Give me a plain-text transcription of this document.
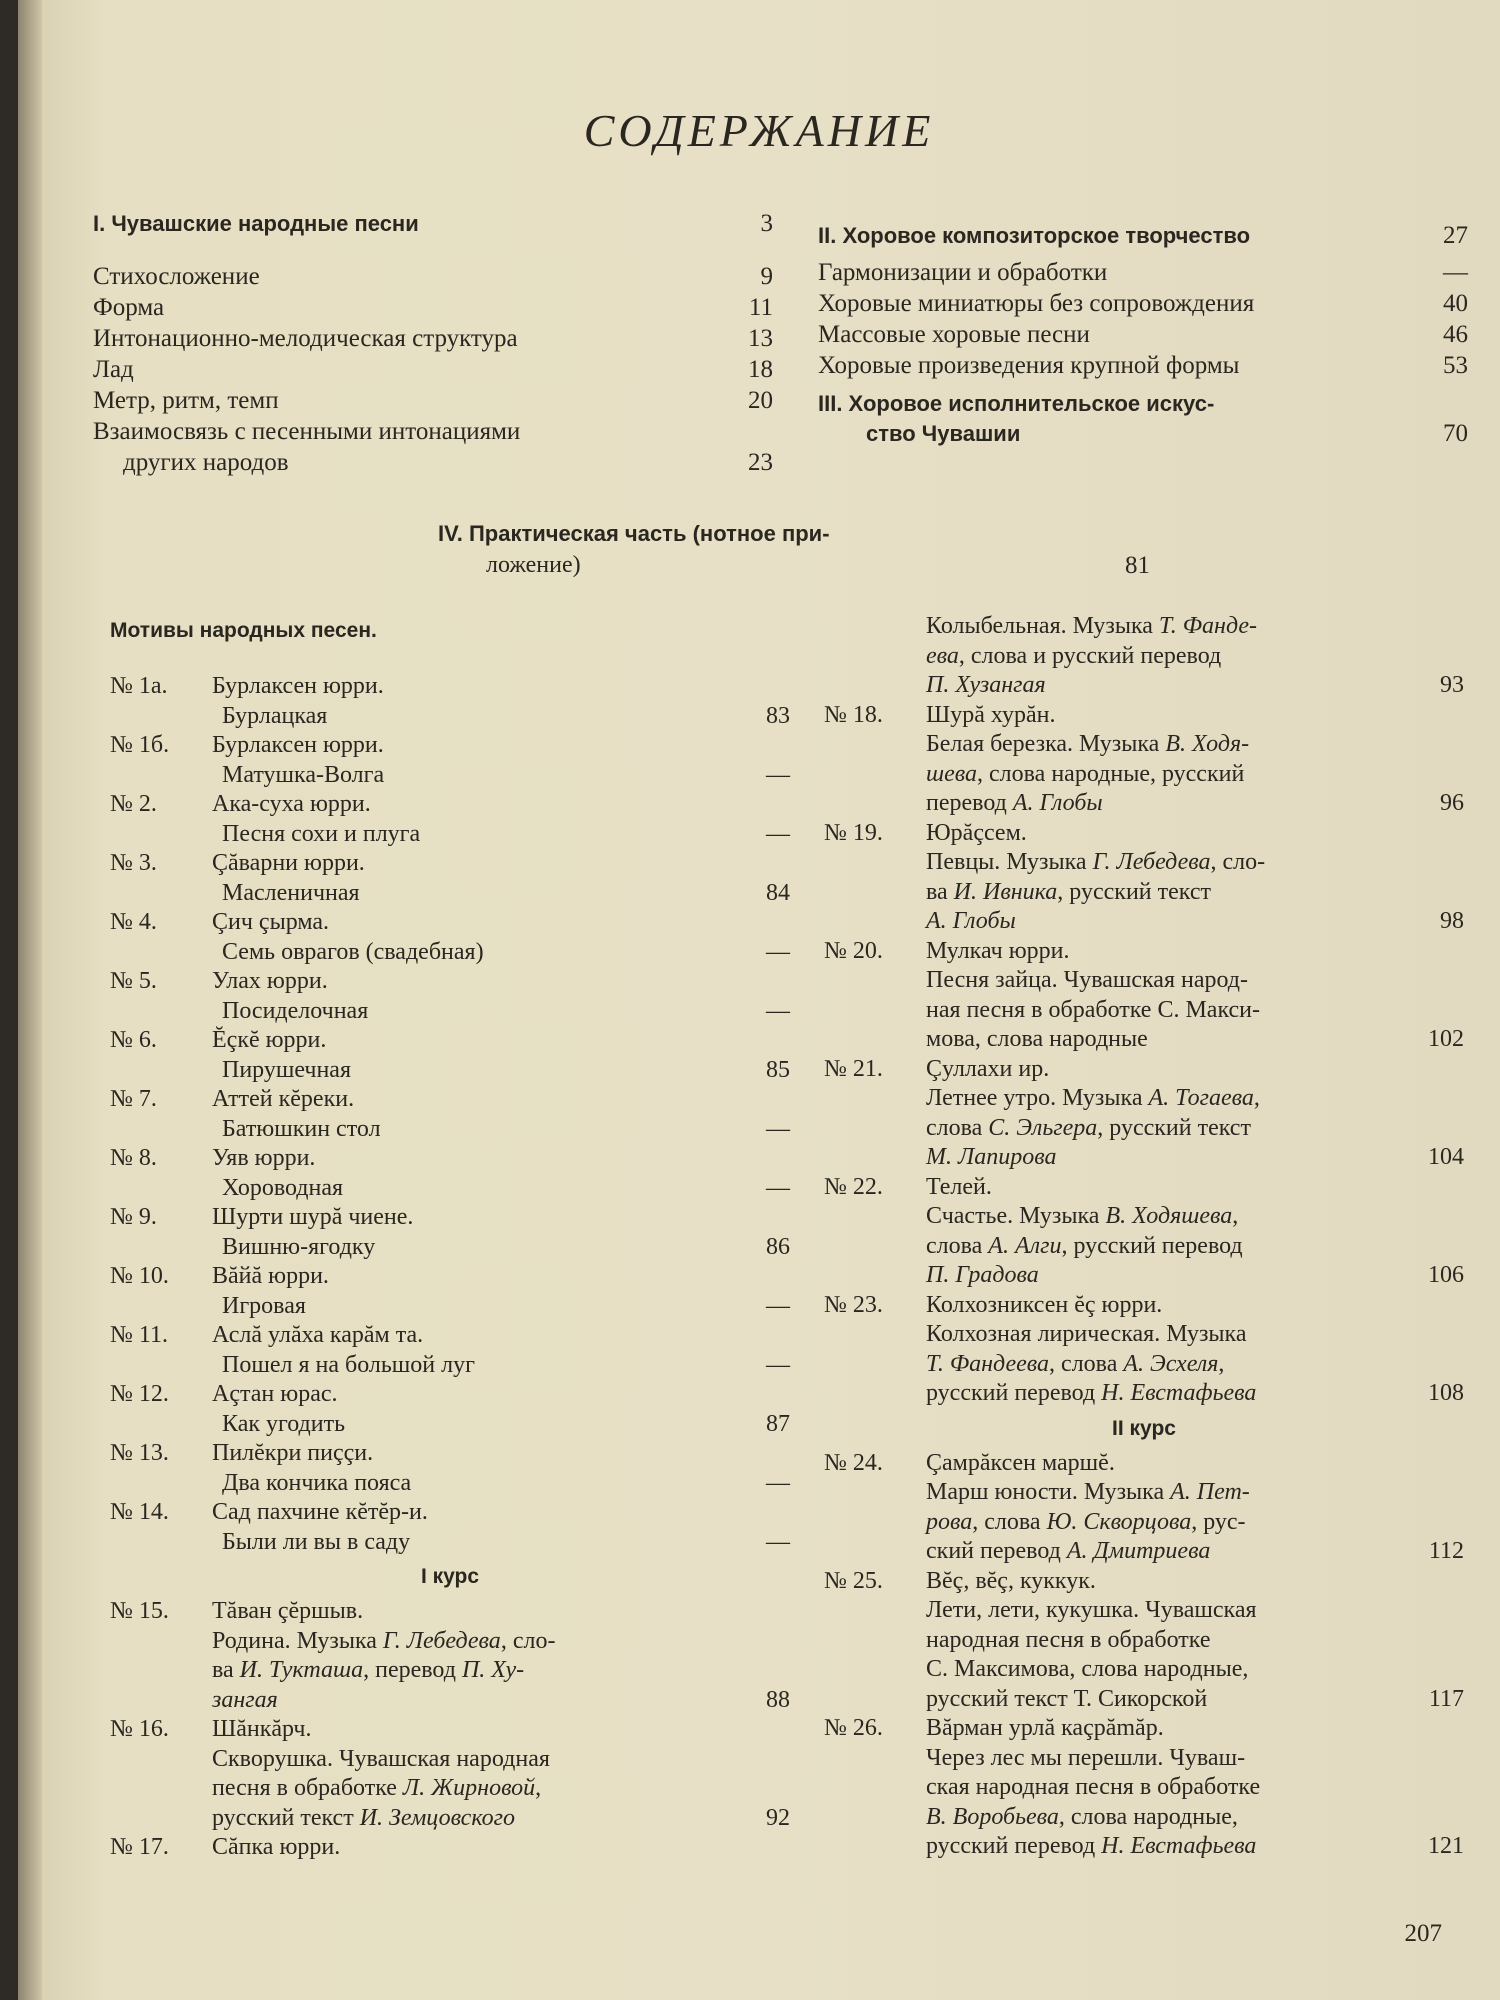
СОДЕРЖАНИЕ
I. Чувашские народные песни	3
Стихосложение	9
Форма	11
Интонационно-мелодическая структура	13
Лад	18
Метр, ритм, темп	20
Взаимосвязь с песенными интонациями
других народов	23
II. Хоровое композиторское творчество	27
Гармонизации и обработки	—
Хоровые миниатюры без сопровождения	40
Массовые хоровые песни	46
Хоровые произведения крупной формы	53
III. Хоровое исполнительское искус-
ство Чувашии	70
IV. Практическая часть (нотное при-
ложение)	81
Мотивы народных песен.
№ 1а. Бурлаксен юрри.
Бурлацкая	83
№ 1б. Бурлаксен юрри.
Матушка-Волга	—
№ 2. Ака-суха юрри.
Песня сохи и плуга	—
№ 3. Çăварни юрри.
Масленичная	84
№ 4. Çич çырма.
Семь оврагов (свадебная)	—
№ 5. Улах юрри.
Посиделочная	—
№ 6. Ĕçкĕ юрри.
Пирушечная	85
№ 7. Аттей кĕреки.
Батюшкин стол	—
№ 8. Уяв юрри.
Хороводная	—
№ 9. Шурти шурă чиене.
Вишню-ягодку	86
№ 10. Вăйă юрри.
Игровая	—
№ 11. Аслă улăха карăм та.
Пошел я на большой луг	—
№ 12. Аçтан юрас.
Как угодить	87
№ 13. Пилĕкри пиççи.
Два кончика пояса	—
№ 14. Сад пахчине кĕтĕр-и.
Были ли вы в саду	—
I курс
№ 15. Тăван çĕршыв.
Родина. Музыка Г. Лебедева, сло-
ва И. Тукташа, перевод П. Ху-
зангая	88
№ 16. Шăнкăрч.
Скворушка. Чувашская народная
песня в обработке Л. Жирновой,
русский текст И. Земцовского	92
№ 17. Сăпка юрри.
Колыбельная. Музыка Т. Фанде-
ева, слова и русский перевод
П. Хузангая	93
№ 18. Шурă хурăн.
Белая березка. Музыка В. Ходя-
шева, слова народные, русский
перевод А. Глобы	96
№ 19. Юрăçсем.
Певцы. Музыка Г. Лебедева, сло-
ва И. Ивника, русский текст
А. Глобы	98
№ 20. Мулкач юрри.
Песня зайца. Чувашская народ-
ная песня в обработке С. Макси-
мова, слова народные	102
№ 21. Çуллахи ир.
Летнее утро. Музыка А. Тогаева,
слова С. Эльгера, русский текст
М. Лапирова	104
№ 22. Телей.
Счастье. Музыка В. Ходяшева,
слова А. Алги, русский перевод
П. Градова	106
№ 23. Колхозниксен ĕç юрри.
Колхозная лирическая. Музыка
Т. Фандеева, слова А. Эсхеля,
русский перевод Н. Евстафьева	108
II курс
№ 24. Çамрăксен маршĕ.
Марш юности. Музыка А. Пет-
рова, слова Ю. Скворцова, рус-
ский перевод А. Дмитриева	112
№ 25. Вĕç, вĕç, куккук.
Лети, лети, кукушка. Чувашская
народная песня в обработке
С. Максимова, слова народные,
русский текст Т. Сикорской	117
№ 26. Вăрман урлă каçрămăр.
Через лес мы перешли. Чуваш-
ская народная песня в обработке
В. Воробьева, слова народные,
русский перевод Н. Евстафьева	121
207
